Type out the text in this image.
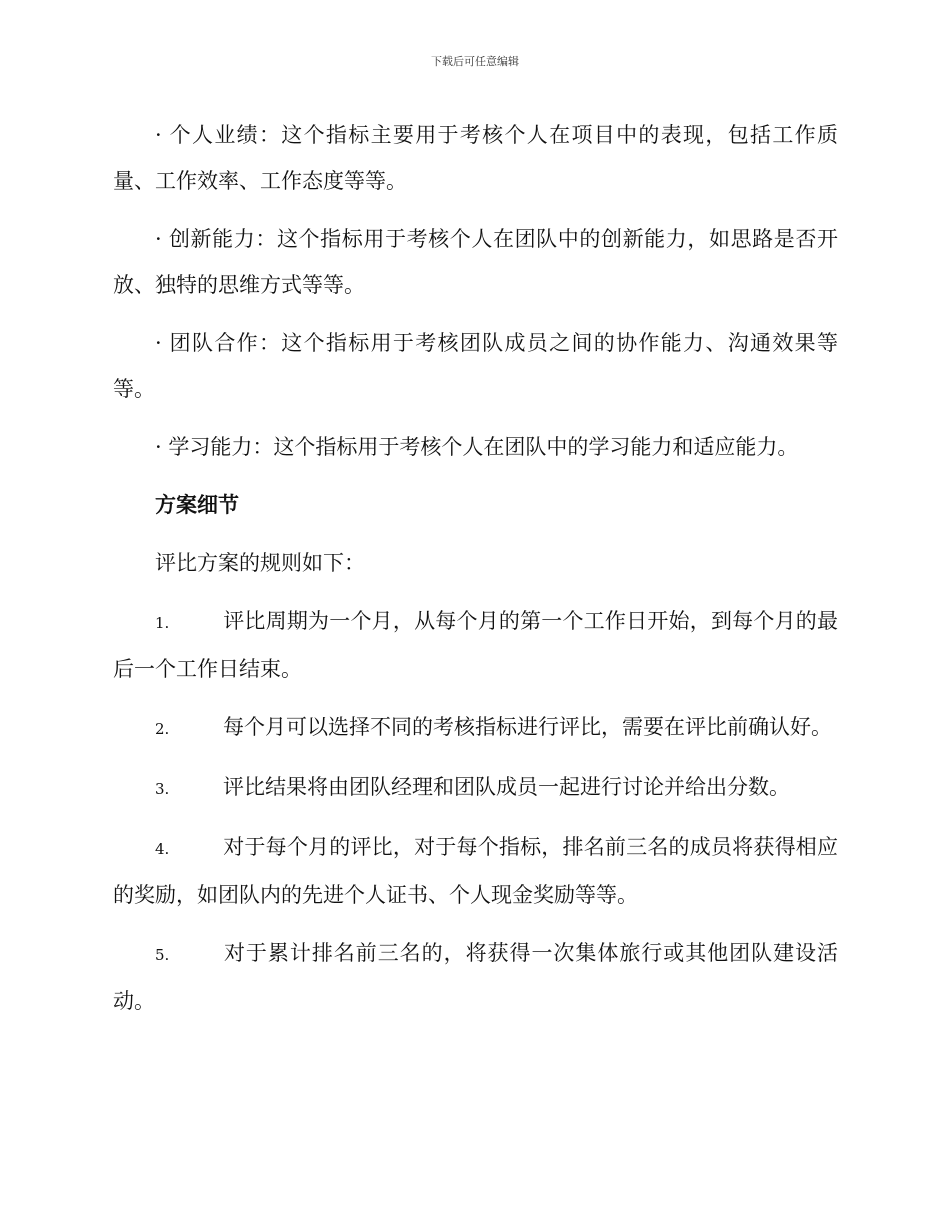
下载后可任意编辑

· 个人业绩：这个指标主要用于考核个人在项目中的表现，包括工作质量、工作效率、工作态度等等。

· 创新能力：这个指标用于考核个人在团队中的创新能力，如思路是否开放、独特的思维方式等等。

· 团队合作：这个指标用于考核团队成员之间的协作能力、沟通效果等等。

· 学习能力：这个指标用于考核个人在团队中的学习能力和适应能力。

方案细节

评比方案的规则如下：

1.	评比周期为一个月，从每个月的第一个工作日开始，到每个月的最后一个工作日结束。

2.	每个月可以选择不同的考核指标进行评比，需要在评比前确认好。

3.	评比结果将由团队经理和团队成员一起进行讨论并给出分数。

4.	对于每个月的评比，对于每个指标，排名前三名的成员将获得相应的奖励，如团队内的先进个人证书、个人现金奖励等等。

5.	对于累计排名前三名的，将获得一次集体旅行或其他团队建设活动。
